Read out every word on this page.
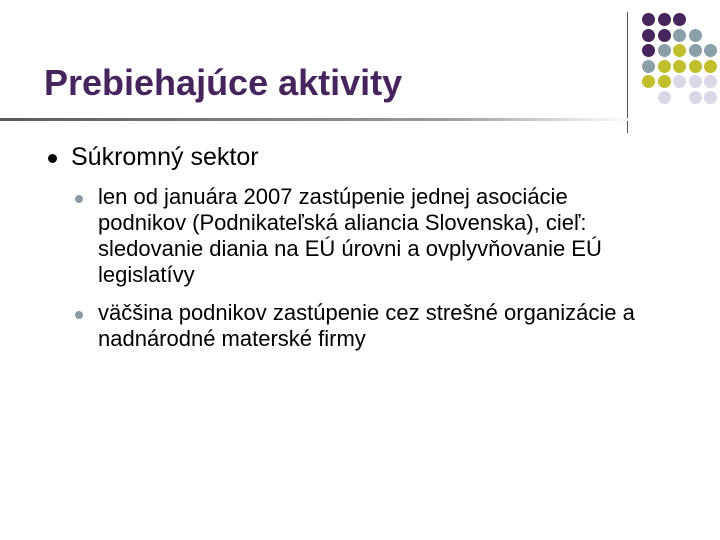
Prebiehajúce aktivity
Súkromný sektor
len od januára 2007 zastúpenie jednej asociácie podnikov (Podnikateľská aliancia Slovenska), cieľ: sledovanie diania na EÚ úrovni a ovplyvňovanie EÚ legislatívy
väčšina podnikov zastúpenie cez strešné organizácie a nadnárodné materské firmy
